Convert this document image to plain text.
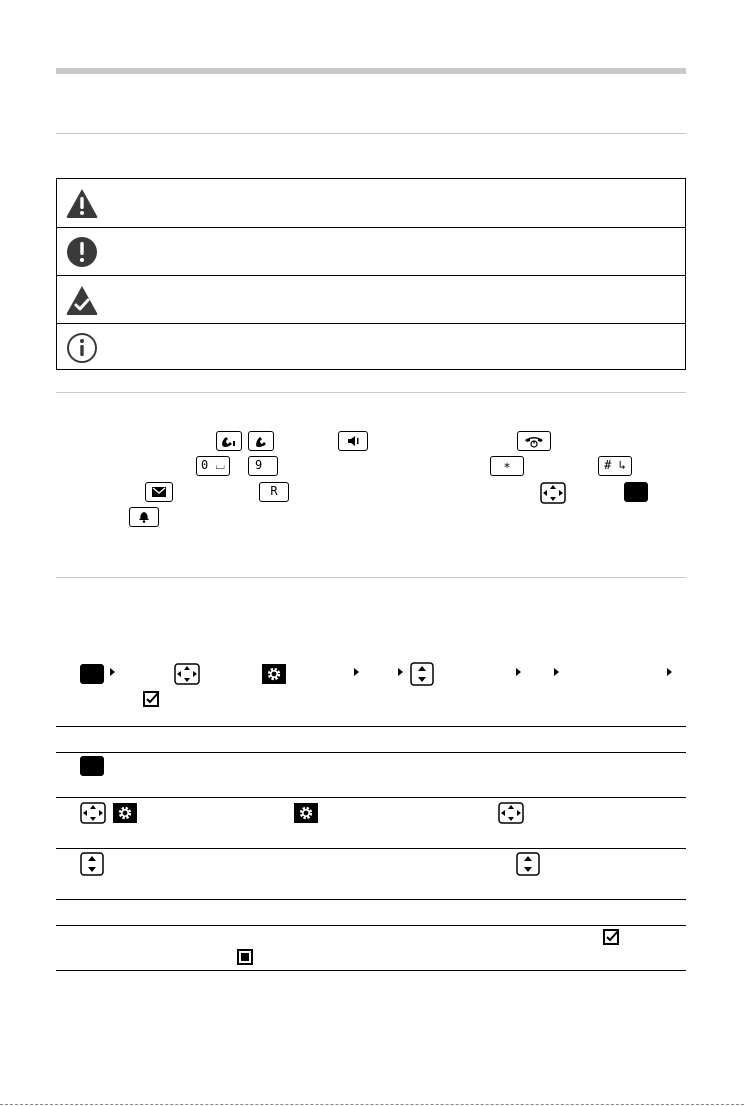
0 ⌴	9	∗	# ↳
R
